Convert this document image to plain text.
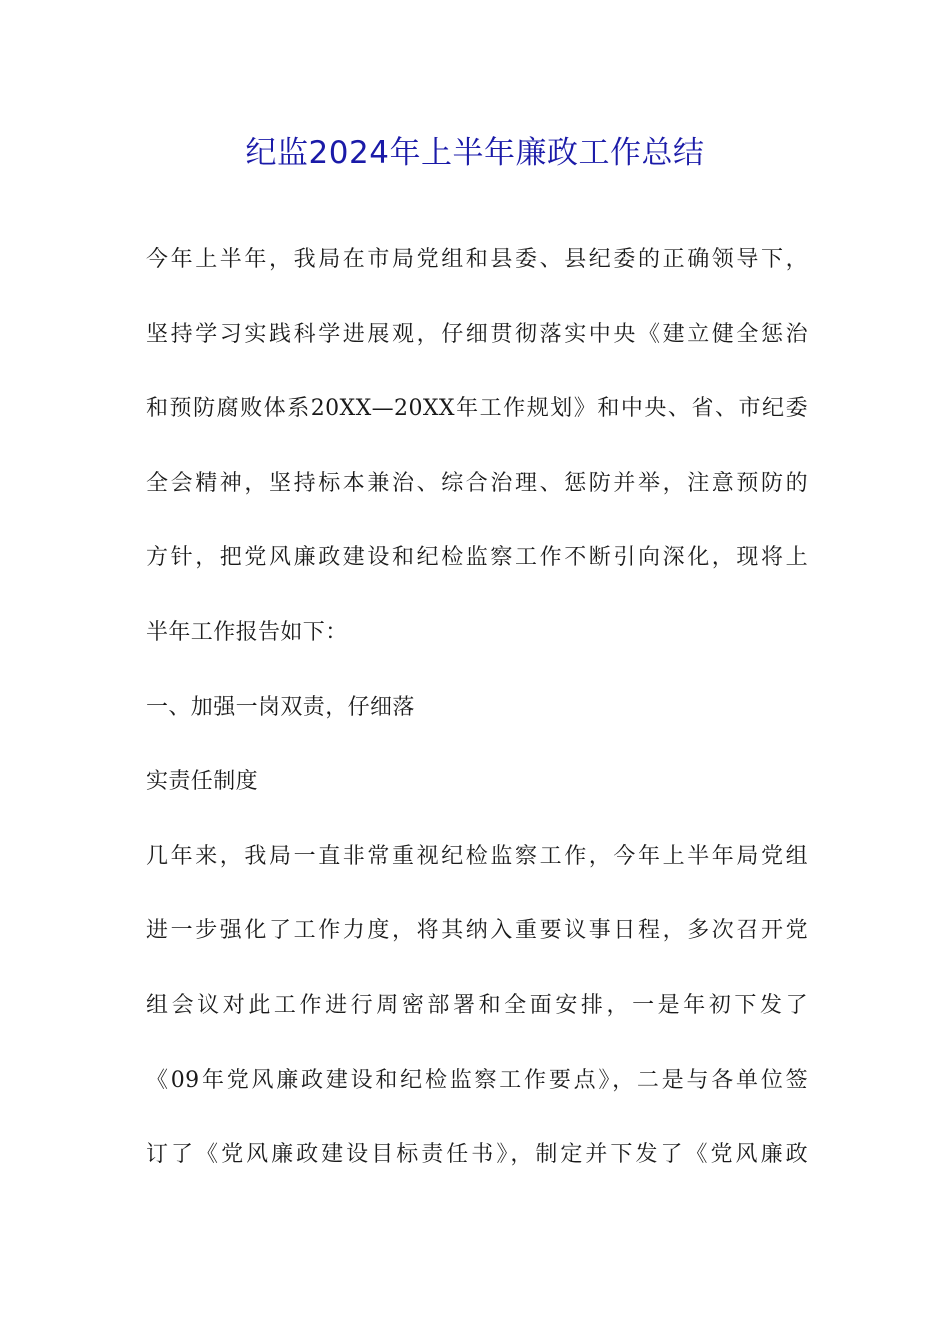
纪监2024年上半年廉政工作总结
今年上半年，我局在市局党组和县委、县纪委的正确领导下，
坚持学习实践科学进展观，仔细贯彻落实中央《建立健全惩治
和预防腐败体系20XX—20XX年工作规划》和中央、省、市纪委
全会精神，坚持标本兼治、综合治理、惩防并举，注意预防的
方针，把党风廉政建设和纪检监察工作不断引向深化，现将上
半年工作报告如下：
一、加强一岗双责，仔细落
实责任制度
几年来，我局一直非常重视纪检监察工作，今年上半年局党组
进一步强化了工作力度，将其纳入重要议事日程，多次召开党
组会议对此工作进行周密部署和全面安排，一是年初下发了
《09年党风廉政建设和纪检监察工作要点》，二是与各单位签
订了《党风廉政建设目标责任书》，制定并下发了《党风廉政
